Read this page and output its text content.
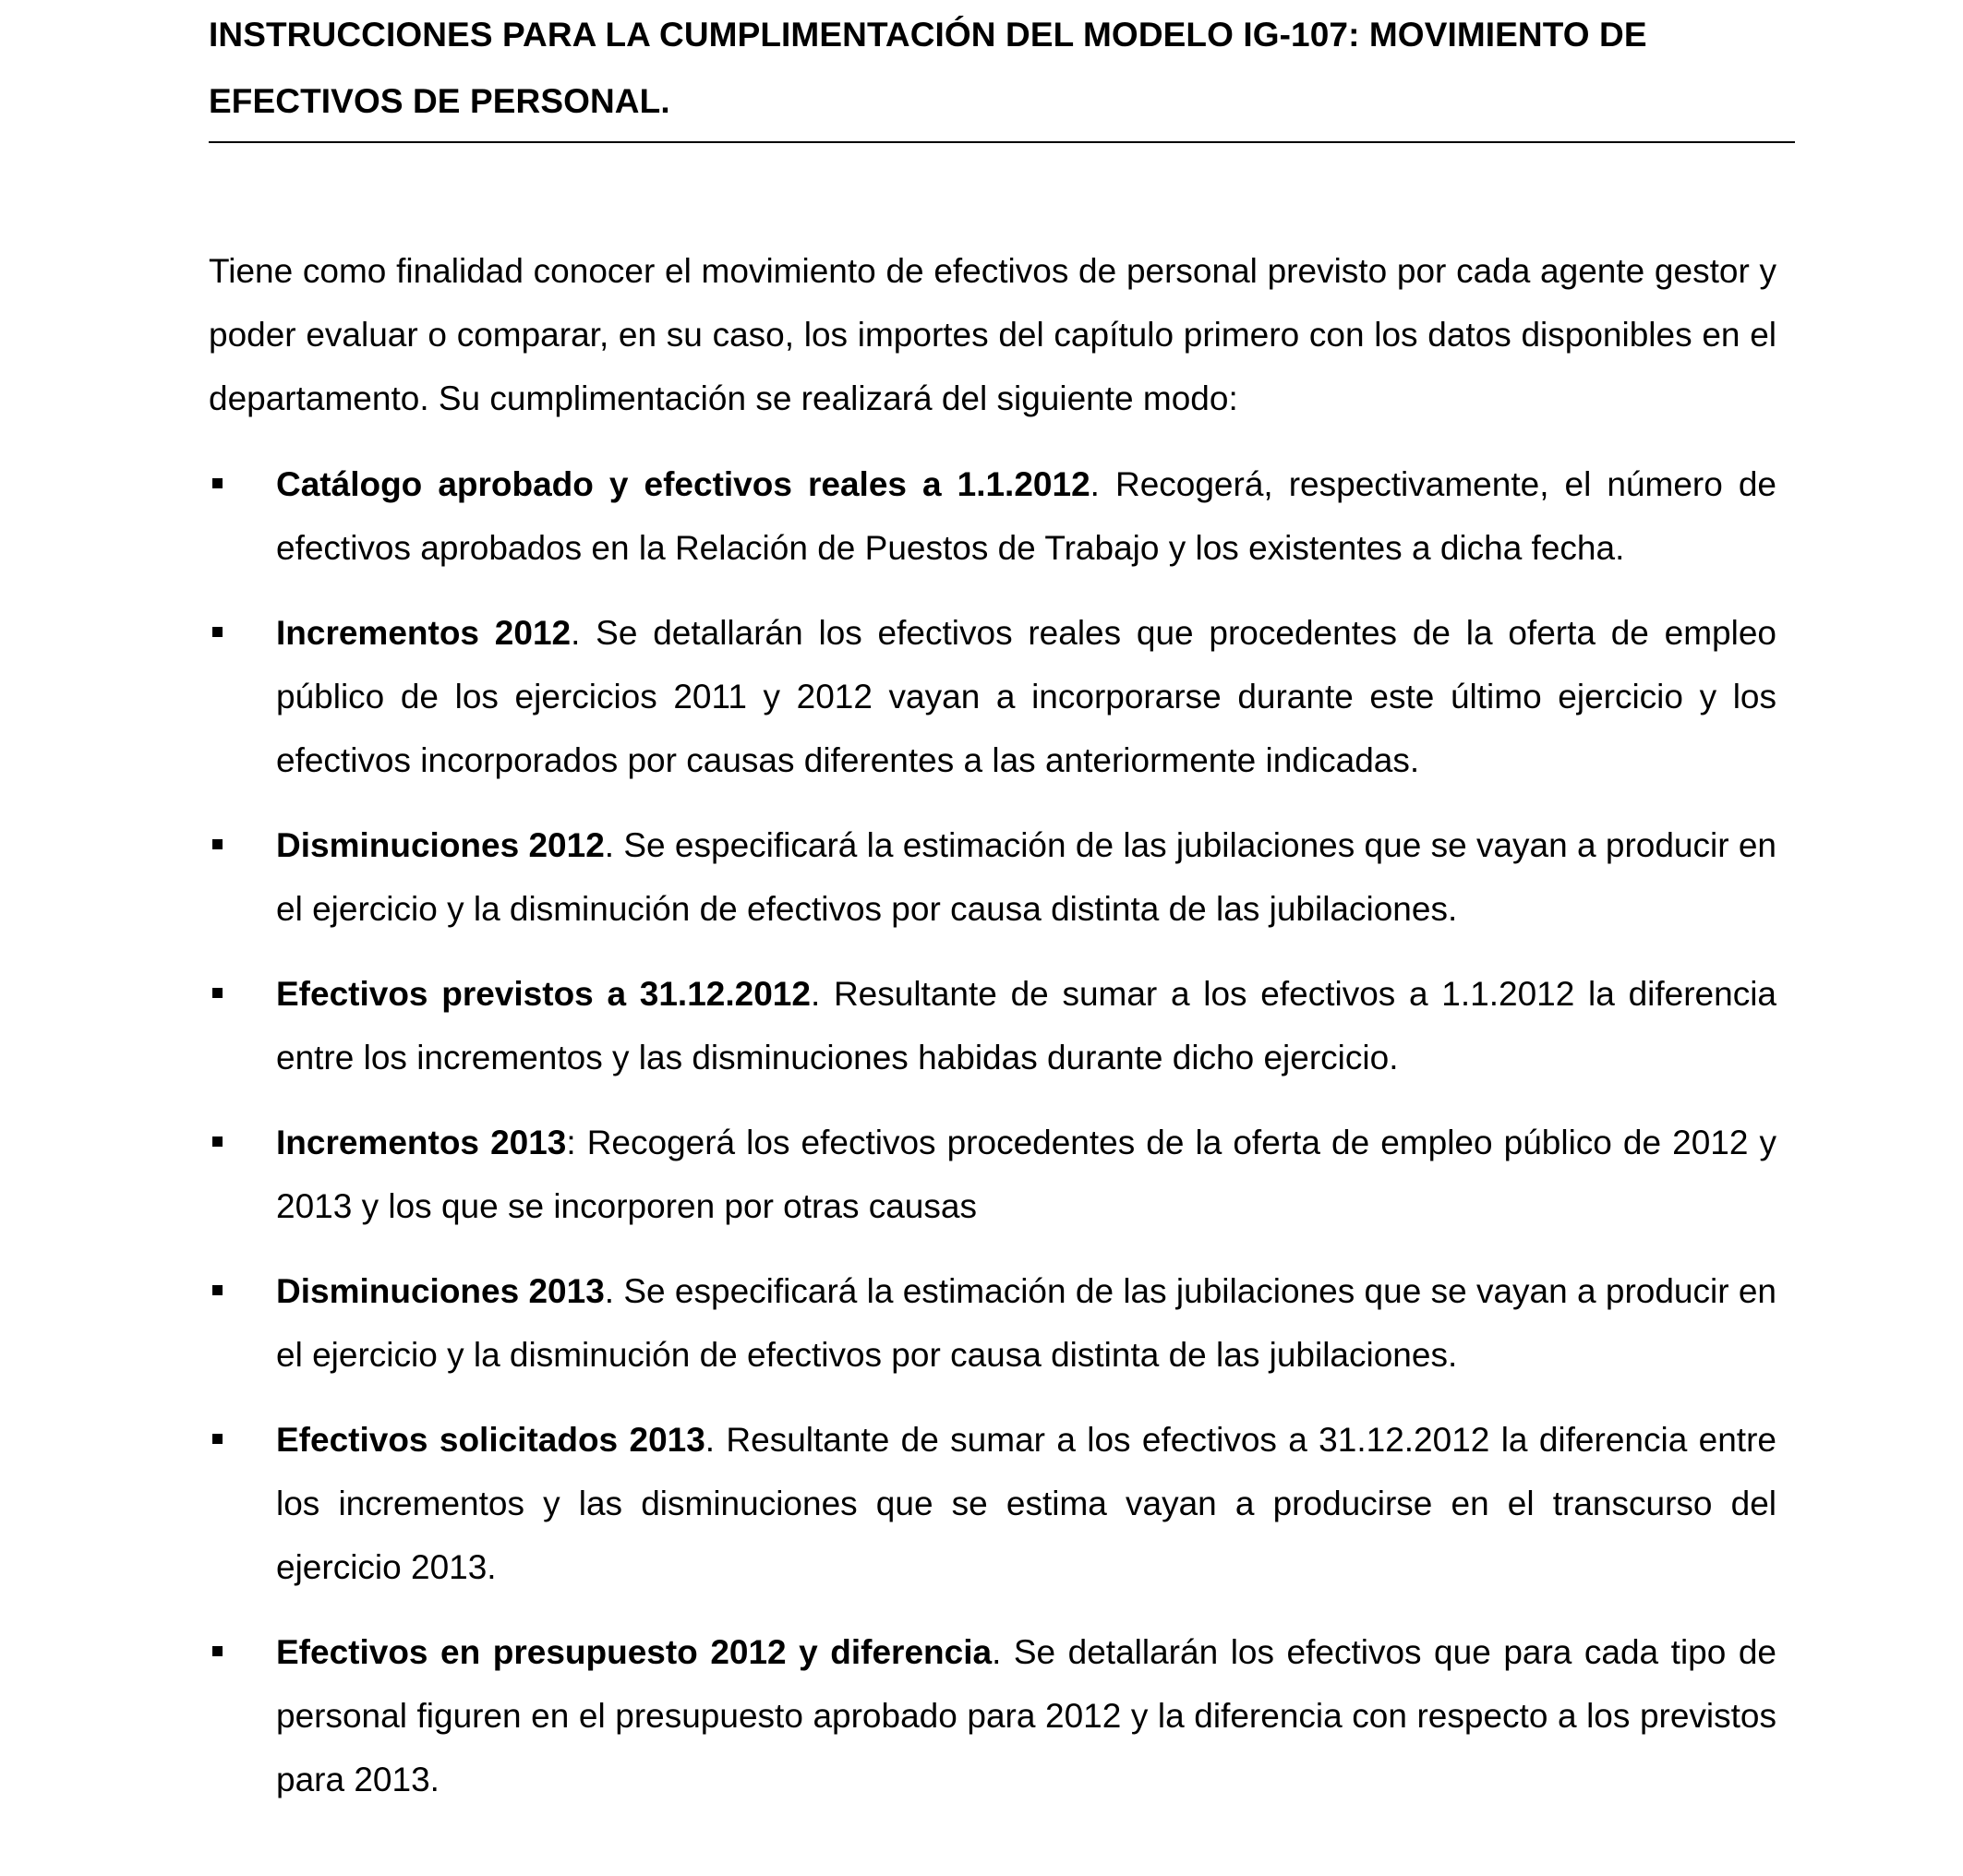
INSTRUCCIONES PARA LA CUMPLIMENTACIÓN DEL MODELO IG-107: MOVIMIENTO DE EFECTIVOS DE PERSONAL.

Tiene como finalidad conocer el movimiento de efectivos de personal previsto por cada agente gestor y poder evaluar o comparar, en su caso, los importes del capítulo primero con los datos disponibles en el departamento. Su cumplimentación se realizará del siguiente modo:

Catálogo aprobado y efectivos reales a 1.1.2012. Recogerá, respectivamente, el número de efectivos aprobados en la Relación de Puestos de Trabajo y los existentes a dicha fecha.
Incrementos 2012. Se detallarán los efectivos reales que procedentes de la oferta de empleo público de los ejercicios 2011 y 2012 vayan a incorporarse durante este último ejercicio y los efectivos incorporados por causas diferentes a las anteriormente indicadas.
Disminuciones 2012. Se especificará la estimación de las jubilaciones que se vayan a producir en el ejercicio y la disminución de efectivos por causa distinta de las jubilaciones.
Efectivos previstos a 31.12.2012. Resultante de sumar a los efectivos a 1.1.2012 la diferencia entre los incrementos y las disminuciones habidas durante dicho ejercicio.
Incrementos 2013: Recogerá los efectivos procedentes de la oferta de empleo público de 2012 y 2013 y los que se incorporen por otras causas
Disminuciones 2013. Se especificará la estimación de las jubilaciones que se vayan a producir en el ejercicio y la disminución de efectivos por causa distinta de las jubilaciones.
Efectivos solicitados 2013. Resultante de sumar a los efectivos a 31.12.2012 la diferencia entre los incrementos y las disminuciones que se estima vayan a producirse en el transcurso del ejercicio 2013.
Efectivos en presupuesto 2012 y diferencia. Se detallarán los efectivos que para cada tipo de personal figuren en el presupuesto aprobado para 2012 y la diferencia con respecto a los previstos para 2013.
